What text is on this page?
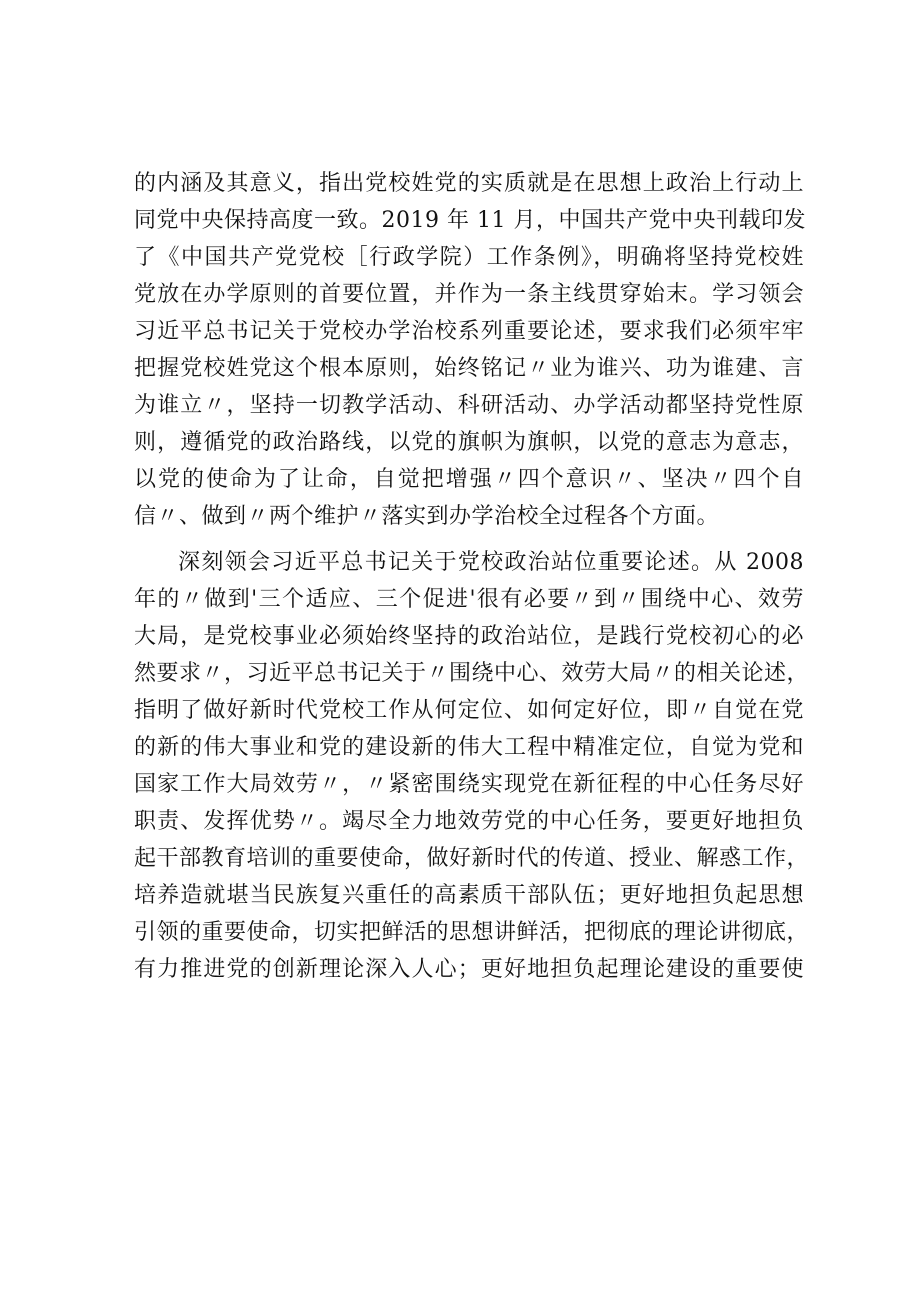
的内涵及其意义，指出党校姓党的实质就是在思想上政治上行动上
同党中央保持高度一致。2019 年 11 月，中国共产党中央刊载印发
了《中国共产党党校［行政学院）工作条例》，明确将坚持党校姓
党放在办学原则的首要位置，并作为一条主线贯穿始末。学习领会
习近平总书记关于党校办学治校系列重要论述，要求我们必须牢牢
把握党校姓党这个根本原则，始终铭记〃业为谁兴、功为谁建、言
为谁立〃，坚持一切教学活动、科研活动、办学活动都坚持党性原
则，遵循党的政治路线，以党的旗帜为旗帜，以党的意志为意志，
以党的使命为了让命，自觉把增强〃四个意识〃、坚决〃四个自
信〃、做到〃两个维护〃落实到办学治校全过程各个方面。
深刻领会习近平总书记关于党校政治站位重要论述。从 2008
年的〃做到'三个适应、三个促进'很有必要〃到〃围绕中心、效劳
大局，是党校事业必须始终坚持的政治站位，是践行党校初心的必
然要求〃，习近平总书记关于〃围绕中心、效劳大局〃的相关论述，
指明了做好新时代党校工作从何定位、如何定好位，即〃自觉在党
的新的伟大事业和党的建设新的伟大工程中精准定位，自觉为党和
国家工作大局效劳〃，〃紧密围绕实现党在新征程的中心任务尽好
职责、发挥优势〃。竭尽全力地效劳党的中心任务，要更好地担负
起干部教育培训的重要使命，做好新时代的传道、授业、解惑工作，
培养造就堪当民族复兴重任的高素质干部队伍；更好地担负起思想
引领的重要使命，切实把鲜活的思想讲鲜活，把彻底的理论讲彻底，
有力推进党的创新理论深入人心；更好地担负起理论建设的重要使
